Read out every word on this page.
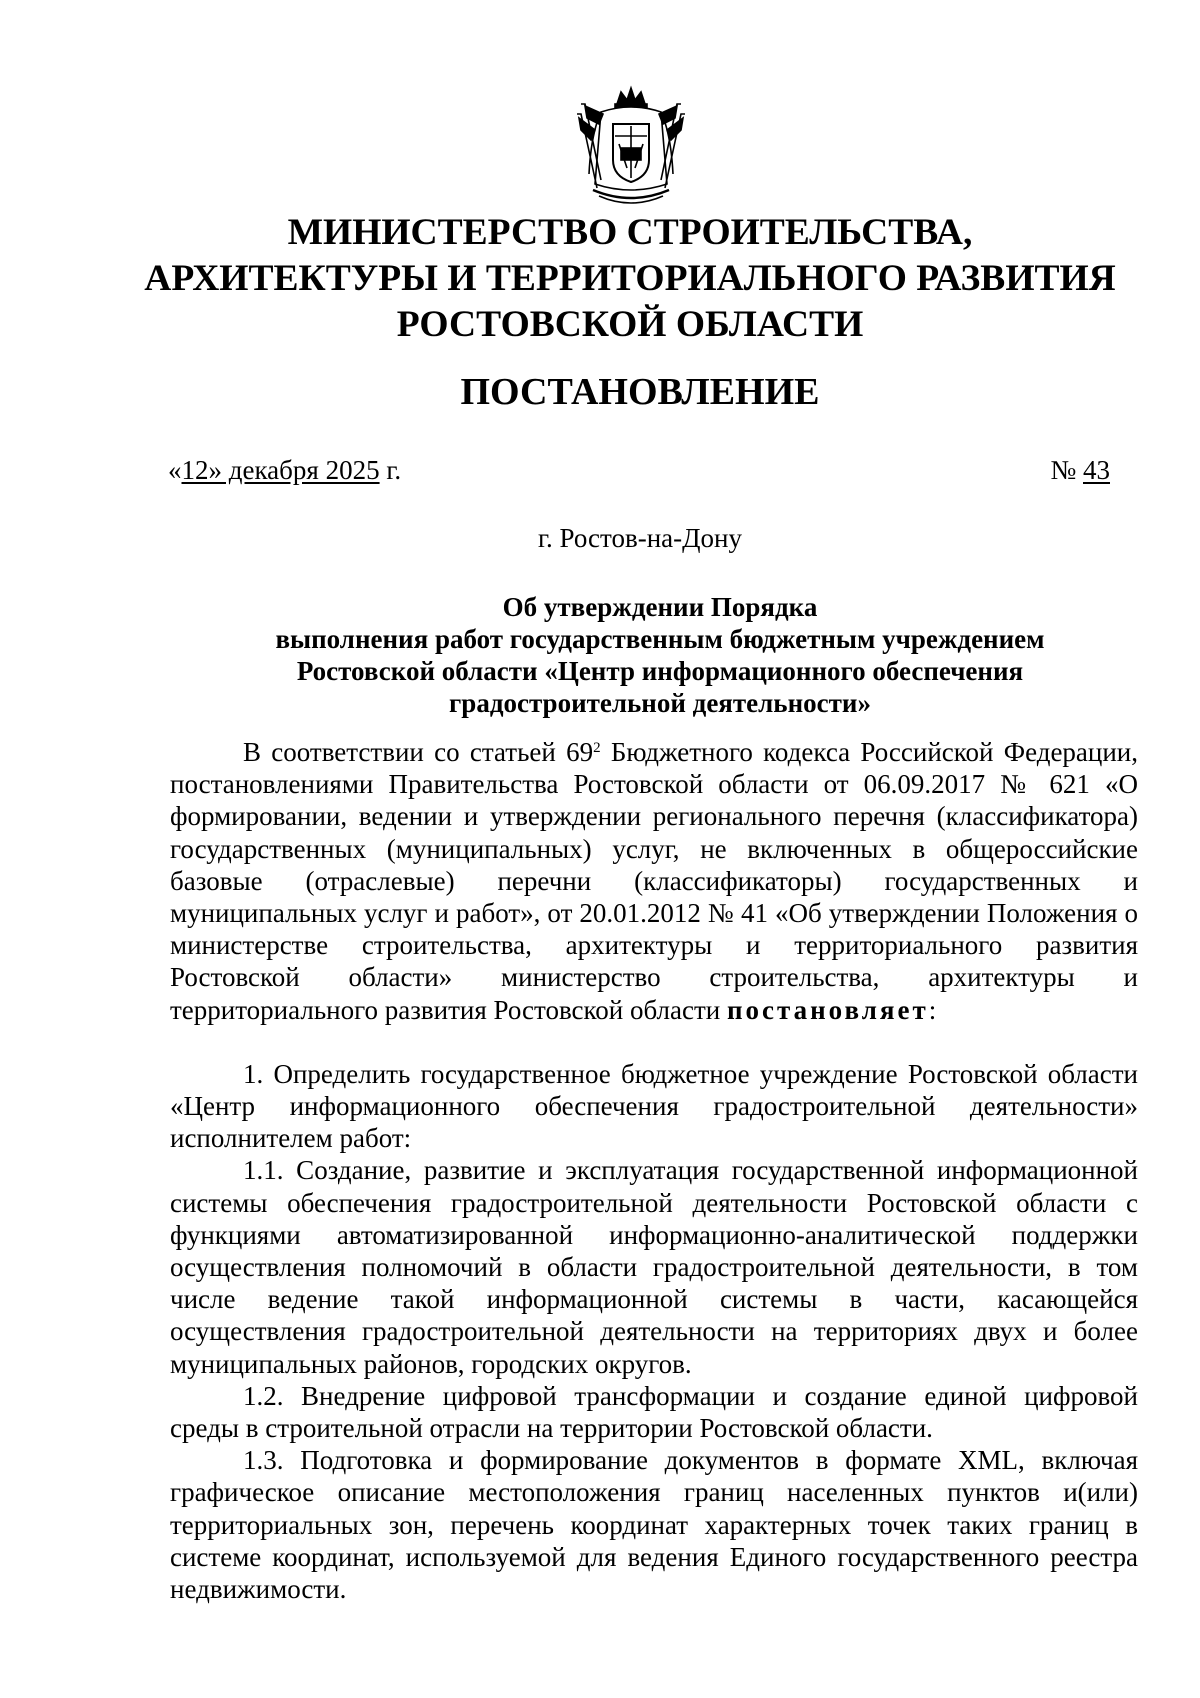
МИНИСТЕРСТВО СТРОИТЕЛЬСТВА,
АРХИТЕКТУРЫ И ТЕРРИТОРИАЛЬНОГО РАЗВИТИЯ
РОСТОВСКОЙ ОБЛАСТИ
ПОСТАНОВЛЕНИЕ
«12» декабря 2025 г.	№ 43
г. Ростов-на-Дону
Об утверждении Порядка
выполнения работ государственным бюджетным учреждением
Ростовской области «Центр информационного обеспечения
градостроительной деятельности»

В соответствии со статьей $69^2$ Бюджетного кодекса Российской Федерации, постановлениями Правительства Ростовской области от 06.09.2017 № 621 «О формировании, ведении и утверждении регионального перечня (классификатора) государственных (муниципальных) услуг, не включенных в общероссийские базовые (отраслевые) перечни (классификаторы) государственных и муниципальных услуг и работ», от 20.01.2012 № 41 «Об утверждении Положения о министерстве строительства, архитектуры и территориального развития Ростовской области» министерство строительства, архитектуры и территориального развития Ростовской области постановляет:

1. Определить государственное бюджетное учреждение Ростовской области «Центр информационного обеспечения градостроительной деятельности» исполнителем работ:

1.1. Создание, развитие и эксплуатация государственной информационной системы обеспечения градостроительной деятельности Ростовской области с функциями автоматизированной информационно-аналитической поддержки осуществления полномочий в области градостроительной деятельности, в том числе ведение такой информационной системы в части, касающейся осуществления градостроительной деятельности на территориях двух и более муниципальных районов, городских округов.

1.2. Внедрение цифровой трансформации и создание единой цифровой среды в строительной отрасли на территории Ростовской области.

1.3. Подготовка и формирование документов в формате XML, включая графическое описание местоположения границ населенных пунктов и(или) территориальных зон, перечень координат характерных точек таких границ в системе координат, используемой для ведения Единого государственного реестра недвижимости.
